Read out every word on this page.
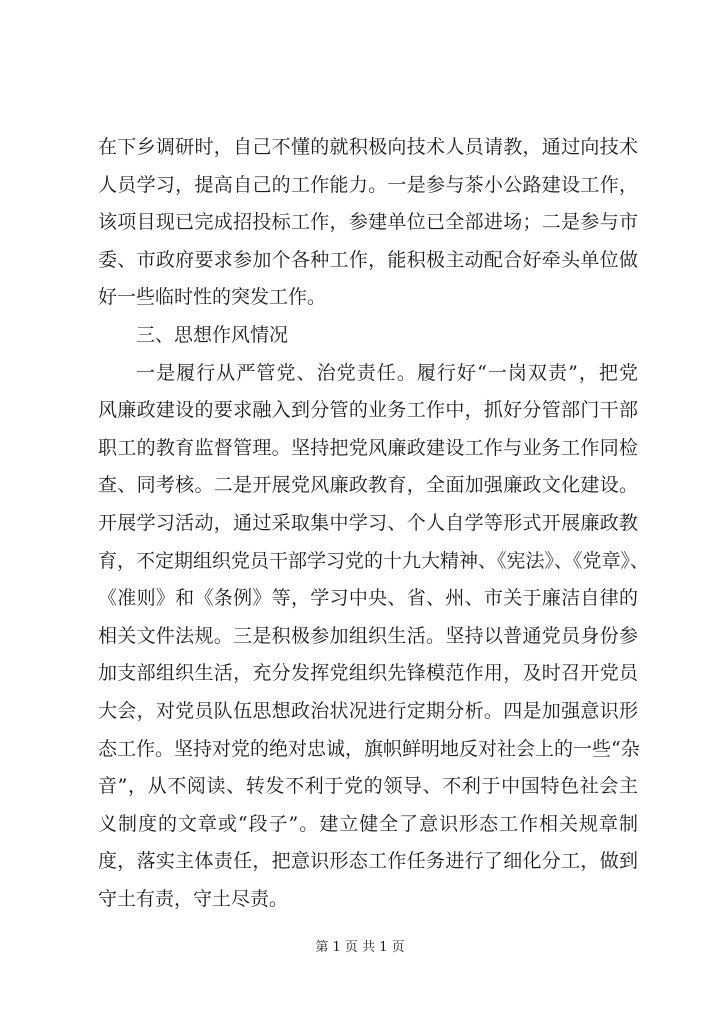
在下乡调研时，自己不懂的就积极向技术人员请教，通过向技术
人员学习，提高自己的工作能力。一是参与茶小公路建设工作，
该项目现已完成招投标工作，参建单位已全部进场；二是参与市
委、市政府要求参加个各种工作，能积极主动配合好牵头单位做
好一些临时性的突发工作。
三、思想作风情况
一是履行从严管党、治党责任。履行好“一岗双责”，把党
风廉政建设的要求融入到分管的业务工作中，抓好分管部门干部
职工的教育监督管理。坚持把党风廉政建设工作与业务工作同检
查、同考核。二是开展党风廉政教育，全面加强廉政文化建设。
开展学习活动，通过采取集中学习、个人自学等形式开展廉政教
育，不定期组织党员干部学习党的十九大精神、《宪法》、《党章》、
《准则》和《条例》等，学习中央、省、州、市关于廉洁自律的
相关文件法规。三是积极参加组织生活。坚持以普通党员身份参
加支部组织生活，充分发挥党组织先锋模范作用，及时召开党员
大会，对党员队伍思想政治状况进行定期分析。四是加强意识形
态工作。坚持对党的绝对忠诚，旗帜鲜明地反对社会上的一些“杂
音”，从不阅读、转发不利于党的领导、不利于中国特色社会主
义制度的文章或“段子”。建立健全了意识形态工作相关规章制
度，落实主体责任，把意识形态工作任务进行了细化分工，做到
守土有责，守土尽责。
第 1 页 共 1 页
